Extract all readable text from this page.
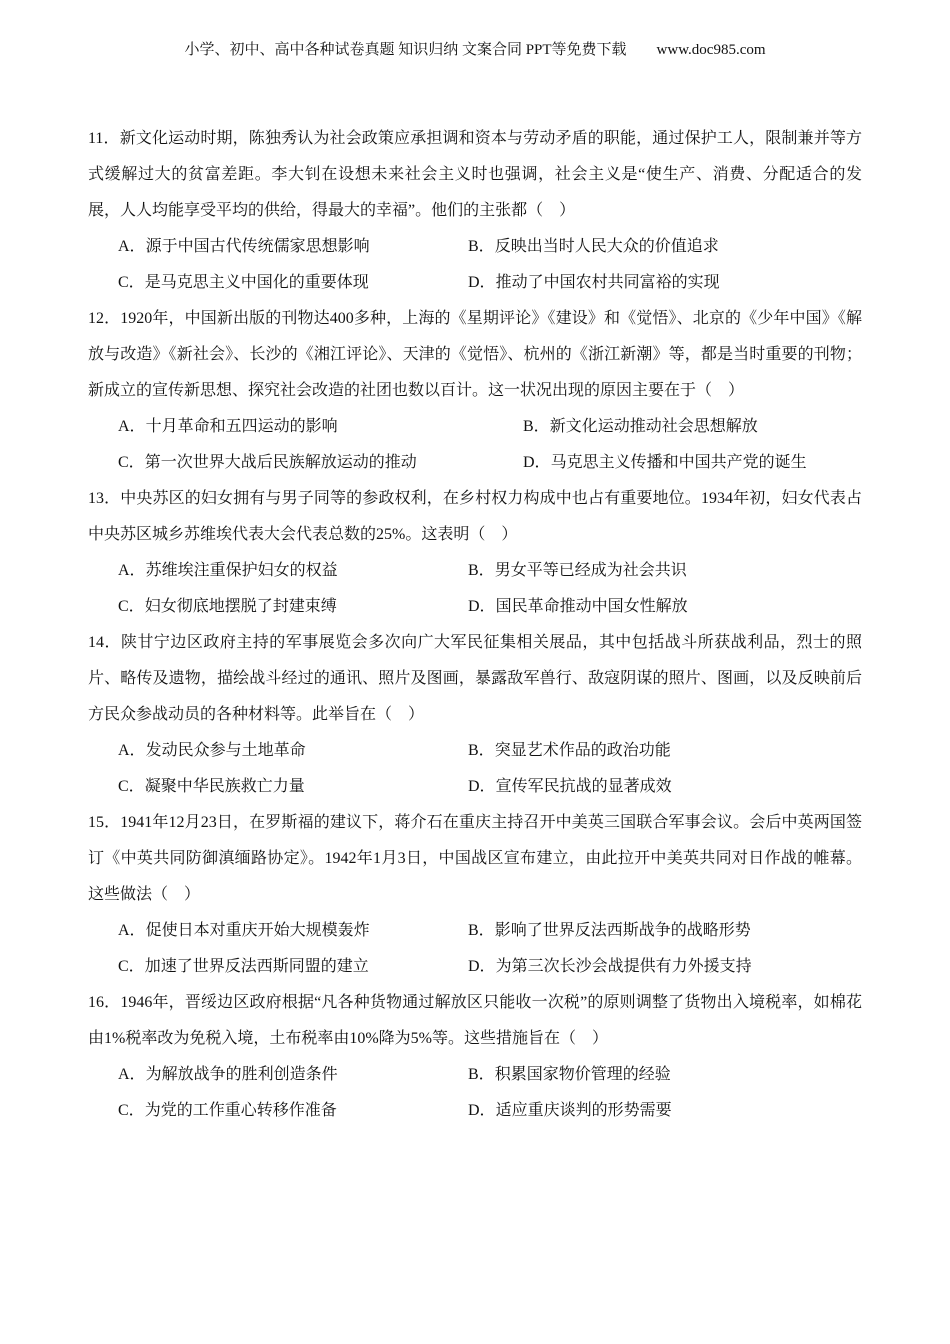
小学、初中、高中各种试卷真题 知识归纳 文案合同 PPT等免费下载　　www.doc985.com

11．新文化运动时期，陈独秀认为社会政策应承担调和资本与劳动矛盾的职能，通过保护工人，限制兼并等方式缓解过大的贫富差距。李大钊在设想未来社会主义时也强调，社会主义是“使生产、消费、分配适合的发展，人人均能享受平均的供给，得最大的幸福”。他们的主张都（　）

A．源于中国古代传统儒家思想影响	B．反映出当时人民大众的价值追求
C．是马克思主义中国化的重要体现	D．推动了中国农村共同富裕的实现

12．1920年，中国新出版的刊物达400多种，上海的《星期评论》《建设》和《觉悟》、北京的《少年中国》《解放与改造》《新社会》、长沙的《湘江评论》、天津的《觉悟》、杭州的《浙江新潮》等，都是当时重要的刊物；新成立的宣传新思想、探究社会改造的社团也数以百计。这一状况出现的原因主要在于（　）

A．十月革命和五四运动的影响	B．新文化运动推动社会思想解放
C．第一次世界大战后民族解放运动的推动	D．马克思主义传播和中国共产党的诞生

13．中央苏区的妇女拥有与男子同等的参政权利，在乡村权力构成中也占有重要地位。1934年初，妇女代表占中央苏区城乡苏维埃代表大会代表总数的25%。这表明（　）

A．苏维埃注重保护妇女的权益	B．男女平等已经成为社会共识
C．妇女彻底地摆脱了封建束缚	D．国民革命推动中国女性解放

14．陕甘宁边区政府主持的军事展览会多次向广大军民征集相关展品，其中包括战斗所获战利品，烈士的照片、略传及遗物，描绘战斗经过的通讯、照片及图画，暴露敌军兽行、敌寇阴谋的照片、图画，以及反映前后方民众参战动员的各种材料等。此举旨在（　）

A．发动民众参与土地革命	B．突显艺术作品的政治功能
C．凝聚中华民族救亡力量	D．宣传军民抗战的显著成效

15．1941年12月23日，在罗斯福的建议下，蒋介石在重庆主持召开中美英三国联合军事会议。会后中英两国签订《中英共同防御滇缅路协定》。1942年1月3日，中国战区宣布建立，由此拉开中美英共同对日作战的帷幕。这些做法（　）

A．促使日本对重庆开始大规模轰炸	B．影响了世界反法西斯战争的战略形势
C．加速了世界反法西斯同盟的建立	D．为第三次长沙会战提供有力外援支持

16．1946年，晋绥边区政府根据“凡各种货物通过解放区只能收一次税”的原则调整了货物出入境税率，如棉花由1%税率改为免税入境，土布税率由10%降为5%等。这些措施旨在（　）

A．为解放战争的胜利创造条件	B．积累国家物价管理的经验
C．为党的工作重心转移作准备	D．适应重庆谈判的形势需要
